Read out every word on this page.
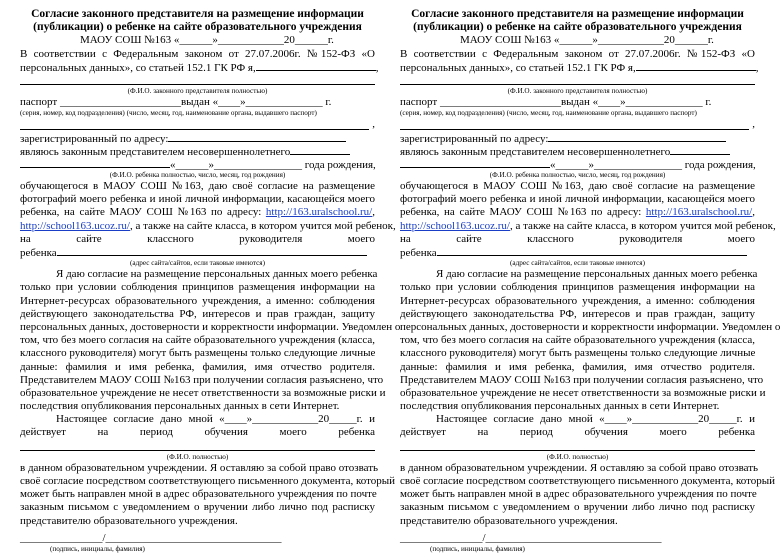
Согласие законного представителя на размещение информации
(публикации) о ребенке на сайте образовательного учреждения
МАОУ СОШ №163 «______»____________20______г.
В соответствии с Федеральным законом от 27.07.2006г. №152-ФЗ «О
персональных данных», со статьей 152.1 ГК РФ я,	,
(Ф.И.О. законного представителя полностью)
паспорт ______________________выдан «____»______________ г.
(серия, номер, код подразделения) (число, месяц, год, наименование органа, выдавшего паспорт)
,
зарегистрированный по адресу:
являюсь законным представителем несовершеннолетнего
«______»________________ года рождения,
(Ф.И.О. ребенка полностью, число, месяц, год рождения)
обучающегося в МАОУ СОШ №163, даю своё согласие на размещение
фотографий моего ребенка и иной личной информации, касающейся моего
ребенка, на сайте МАОУ СОШ №163 по адресу: http://163.uralschool.ru/,
http://school163.ucoz.ru/, а также на сайте класса, в котором учится мой ребенок,
на сайте классного руководителя моего
ребенка
(адрес сайта/сайтов, если таковые имеются)
Я даю согласие на размещение персональных данных моего ребенка
только при условии соблюдения принципов размещения информации на
Интернет-ресурсах образовательного учреждения, а именно: соблюдения
действующего законодательства РФ, интересов и прав граждан, защиту
персональных данных, достоверности и корректности информации. Уведомлен о
том, что без моего согласия на сайте образовательного учреждения (класса,
классного руководителя) могут быть размещены только следующие личные
данные: фамилия и имя ребенка, фамилия, имя отчество родителя.
Представителем МАОУ СОШ №163 при получении согласия разъяснено, что
образовательное учреждение не несет ответственности за возможные риски и
последствия опубликования персональных данных в сети Интернет.
Настоящее согласие дано мной «____»____________20_____г. и
действует на период обучения моего ребенка
(Ф.И.О. полностью)
в данном образовательном учреждении. Я оставляю за собой право отозвать
своё согласие посредством соответствующего письменного документа, который
может быть направлен мной в адрес образовательного учреждения по почте
заказным письмом с уведомлением о вручении либо лично под расписку
представителю образовательного учреждения.
_______________/________________________________
(подпись, инициалы, фамилия)
Согласие законного представителя на размещение информации
(публикации) о ребенке на сайте образовательного учреждения
МАОУ СОШ №163 «______»____________20______г.
В соответствии с Федеральным законом от 27.07.2006г. №152-ФЗ «О
персональных данных», со статьей 152.1 ГК РФ я,	,
(Ф.И.О. законного представителя полностью)
паспорт ______________________выдан «____»______________ г.
(серия, номер, код подразделения) (число, месяц, год, наименование органа, выдавшего паспорт)
,
зарегистрированный по адресу:
являюсь законным представителем несовершеннолетнего
«______»________________ года рождения,
(Ф.И.О. ребенка полностью, число, месяц, год рождения)
обучающегося в МАОУ СОШ №163, даю своё согласие на размещение
фотографий моего ребенка и иной личной информации, касающейся моего
ребенка, на сайте МАОУ СОШ №163 по адресу: http://163.uralschool.ru/,
http://school163.ucoz.ru/, а также на сайте класса, в котором учится мой ребенок,
на сайте классного руководителя моего
ребенка
(адрес сайта/сайтов, если таковые имеются)
Я даю согласие на размещение персональных данных моего ребенка
только при условии соблюдения принципов размещения информации на
Интернет-ресурсах образовательного учреждения, а именно: соблюдения
действующего законодательства РФ, интересов и прав граждан, защиту
персональных данных, достоверности и корректности информации. Уведомлен о
том, что без моего согласия на сайте образовательного учреждения (класса,
классного руководителя) могут быть размещены только следующие личные
данные: фамилия и имя ребенка, фамилия, имя отчество родителя.
Представителем МАОУ СОШ №163 при получении согласия разъяснено, что
образовательное учреждение не несет ответственности за возможные риски и
последствия опубликования персональных данных в сети Интернет.
Настоящее согласие дано мной «____»____________20_____г. и
действует на период обучения моего ребенка
(Ф.И.О. полностью)
в данном образовательном учреждении. Я оставляю за собой право отозвать
своё согласие посредством соответствующего письменного документа, который
может быть направлен мной в адрес образовательного учреждения по почте
заказным письмом с уведомлением о вручении либо лично под расписку
представителю образовательного учреждения.
_______________/________________________________
(подпись, инициалы, фамилия)
